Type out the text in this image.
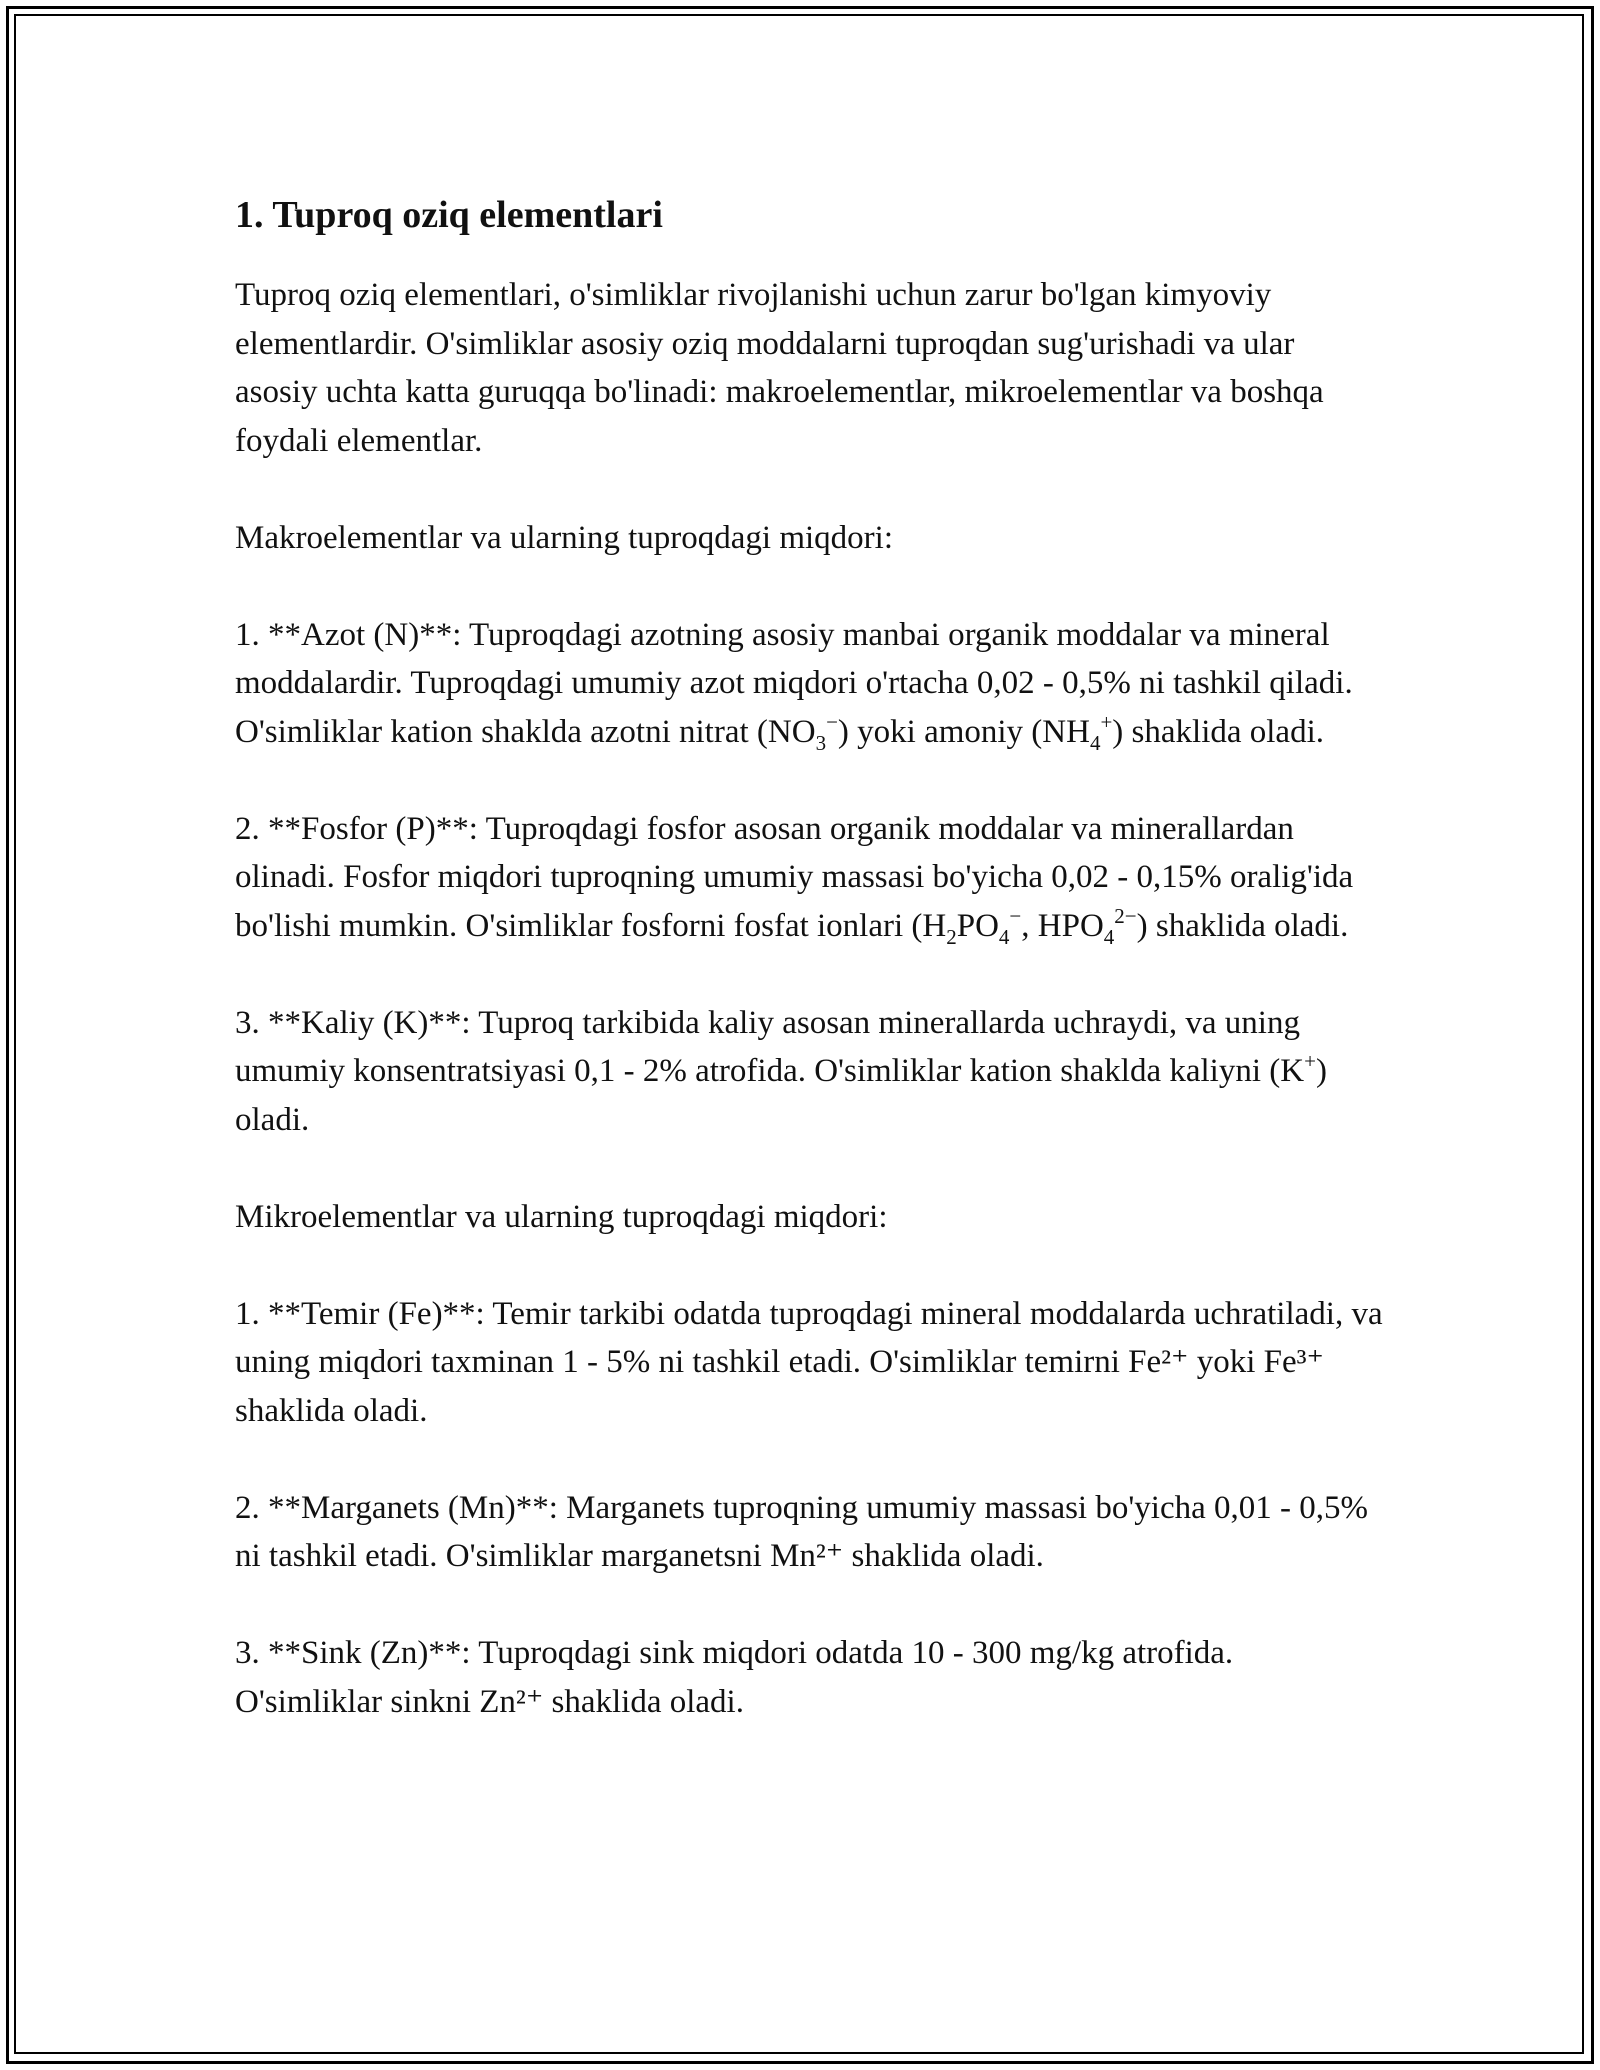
1. Tuproq oziq elementlari

Tuproq oziq elementlari, o'simliklar rivojlanishi uchun zarur bo'lgan kimyoviy elementlardir. O'simliklar asosiy oziq moddalarni tuproqdan sug'urishadi va ular asosiy uchta katta guruqqa bo'linadi: makroelementlar, mikroelementlar va boshqa foydali elementlar.

Makroelementlar va ularning tuproqdagi miqdori:

1. **Azot (N)**: Tuproqdagi azotning asosiy manbai organik moddalar va mineral moddalardir. Tuproqdagi umumiy azot miqdori o'rtacha 0,02 - 0,5% ni tashkil qiladi. O'simliklar kation shaklda azotni nitrat $(NO_3^-)$ yoki amoniy $(NH_4^+)$ shaklida oladi.

2. **Fosfor (P)**: Tuproqdagi fosfor asosan organik moddalar va minerallardan olinadi. Fosfor miqdori tuproqning umumiy massasi bo'yicha 0,02 - 0,15% oralig'ida bo'lishi mumkin. O'simliklar fosforni fosfat ionlari ($H_2PO_4^-$, $HPO_4^{2-}$) shaklida oladi.

3. **Kaliy (K)**: Tuproq tarkibida kaliy asosan minerallarda uchraydi, va uning umumiy konsentratsiyasi 0,1 - 2% atrofida. O'simliklar kation shaklda kaliyni (K+) oladi.

Mikroelementlar va ularning tuproqdagi miqdori:

1. **Temir (Fe)**: Temir tarkibi odatda tuproqdagi mineral moddalarda uchratiladi, va uning miqdori taxminan 1 - 5% ni tashkil etadi. O'simliklar temirni Fe²⁺ yoki Fe³⁺ shaklida oladi.

2. **Marganets (Mn)**: Marganets tuproqning umumiy massasi bo'yicha 0,01 - 0,5% ni tashkil etadi. O'simliklar marganetsni Mn²⁺ shaklida oladi.

3. **Sink (Zn)**: Tuproqdagi sink miqdori odatda 10 - 300 mg/kg atrofida. O'simliklar sinkni Zn²⁺ shaklida oladi.
